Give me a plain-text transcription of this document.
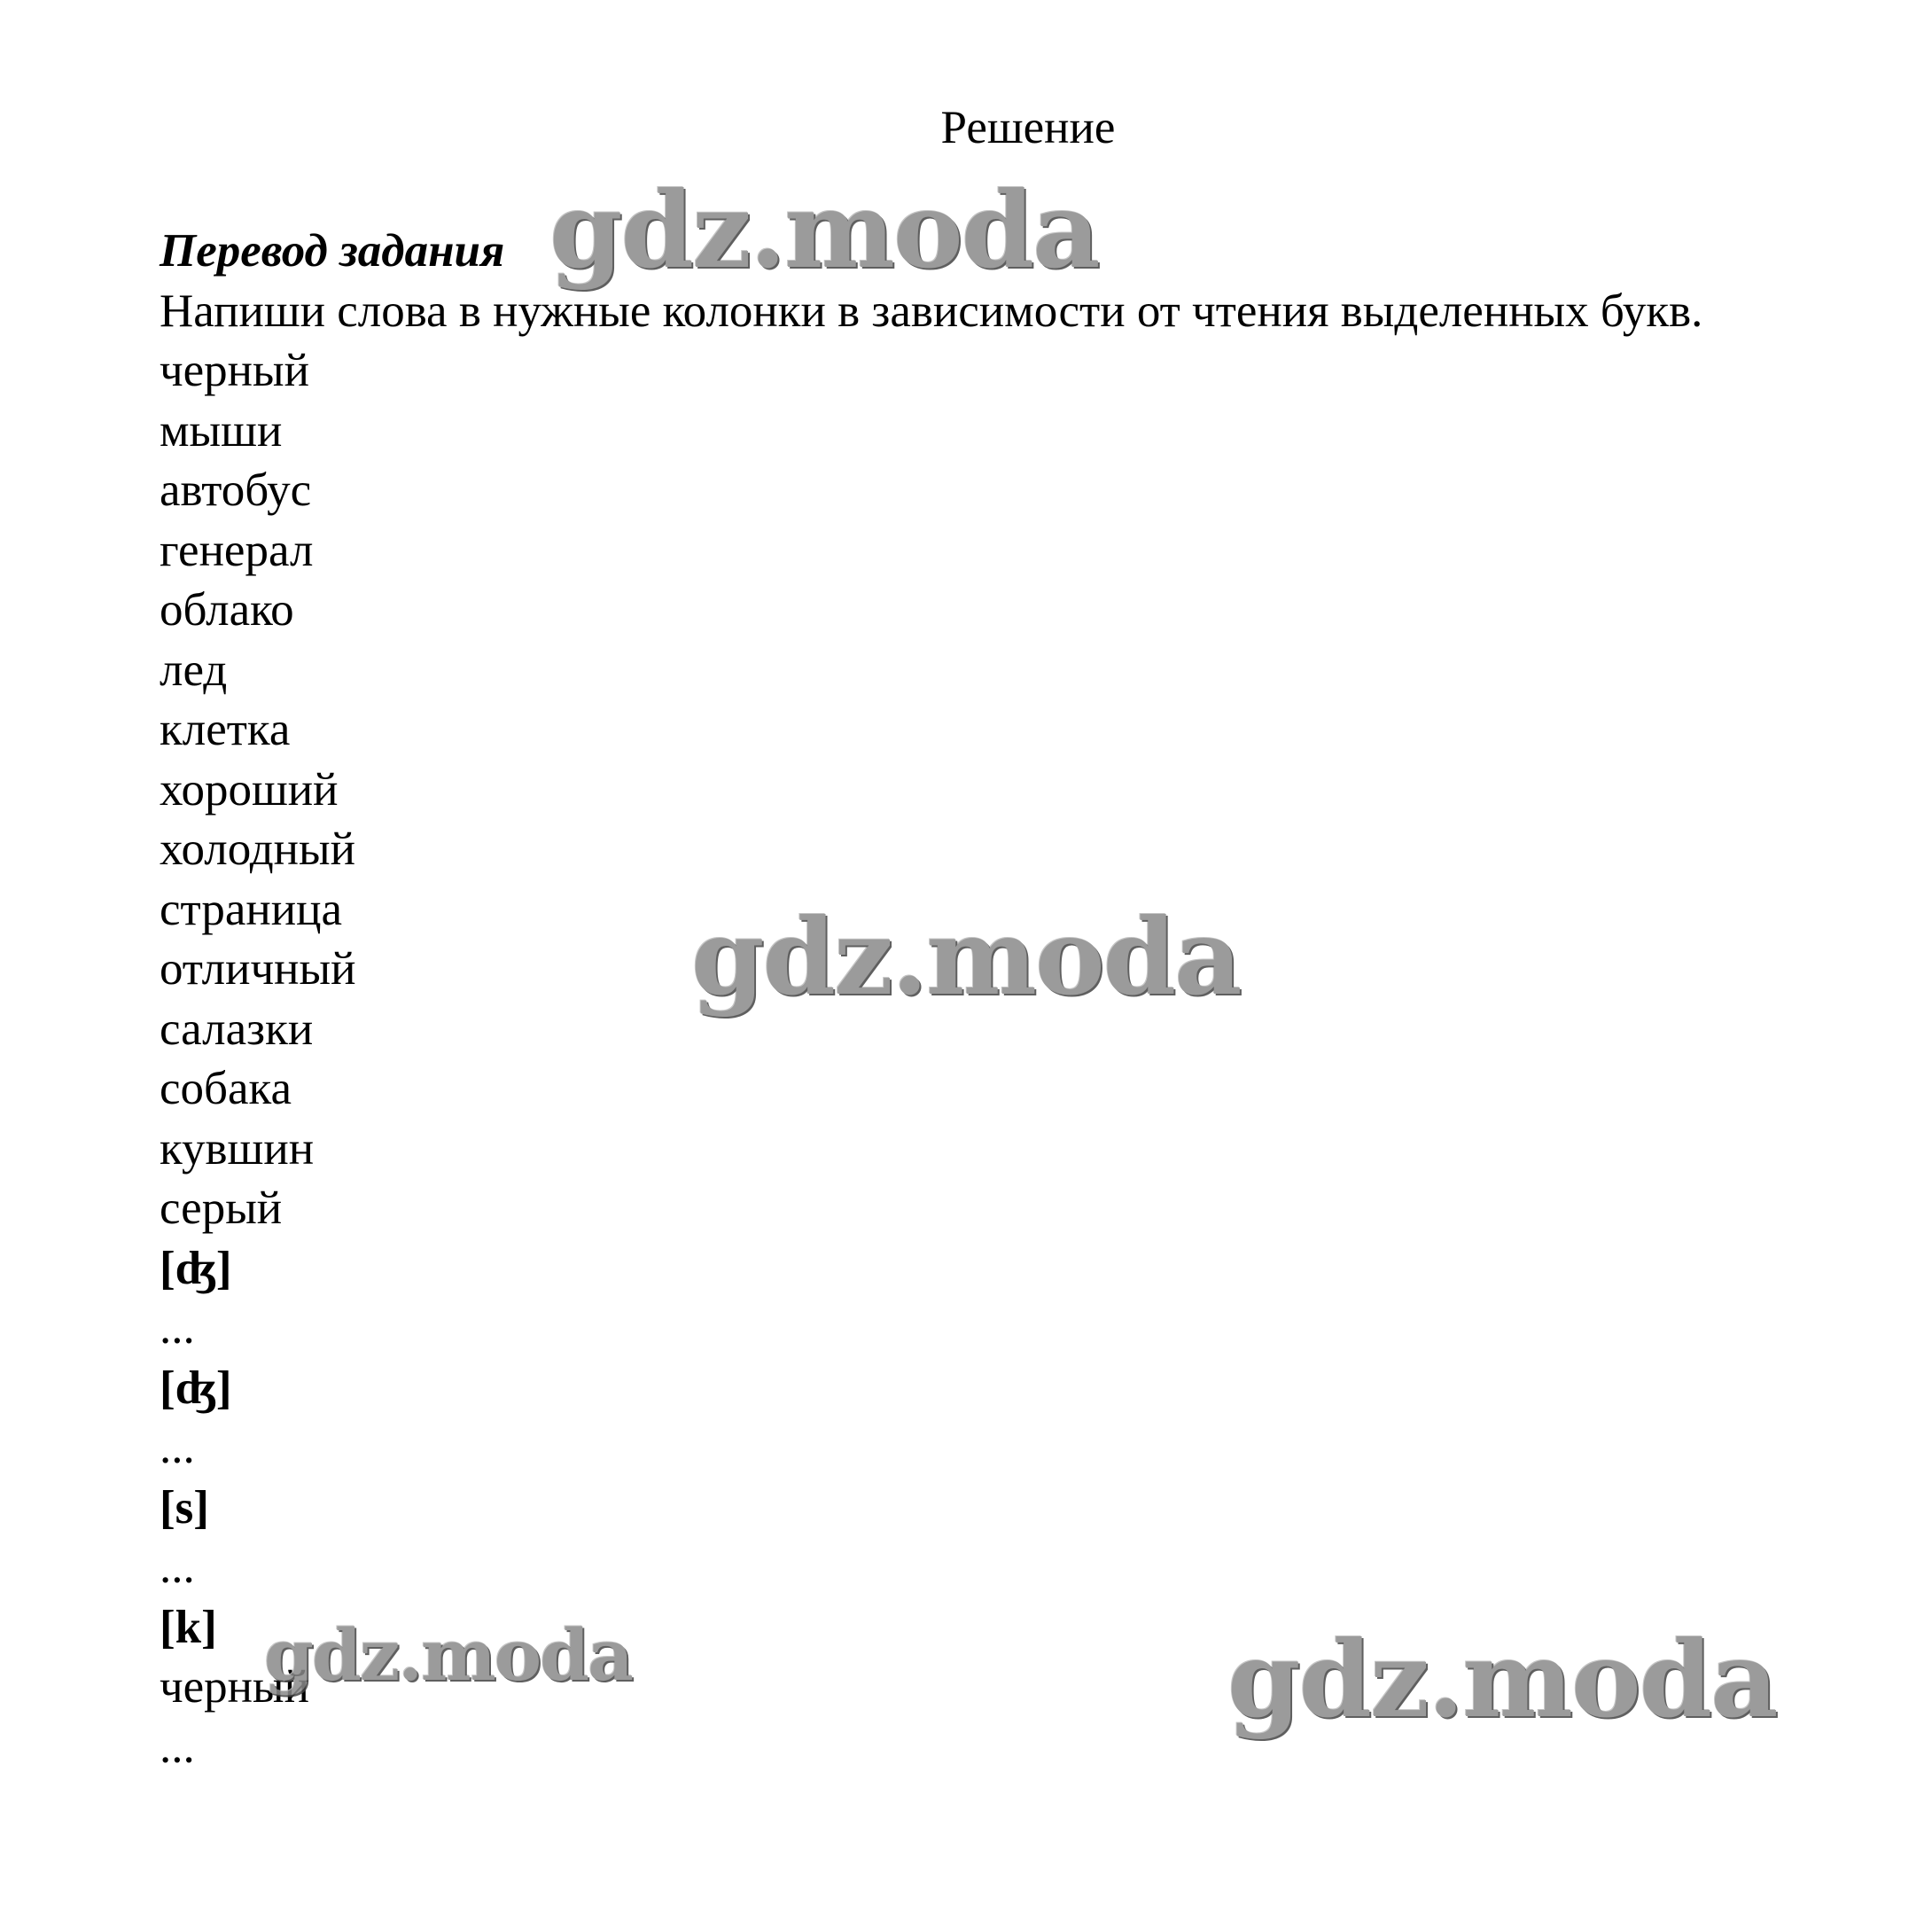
Решение
Перевод задания
Напиши слова в нужные колонки в зависимости от чтения выделенных букв.
черный
мыши
автобус
генерал
облако
лед
клетка
хороший
холодный
страница
отличный
салазки
собака
кувшин
серый
[ʤ]
...
[ʤ]
...
[s]
...
[k]
черный
...
gdz.moda
gdz.moda
gdz.moda	gdz.moda
